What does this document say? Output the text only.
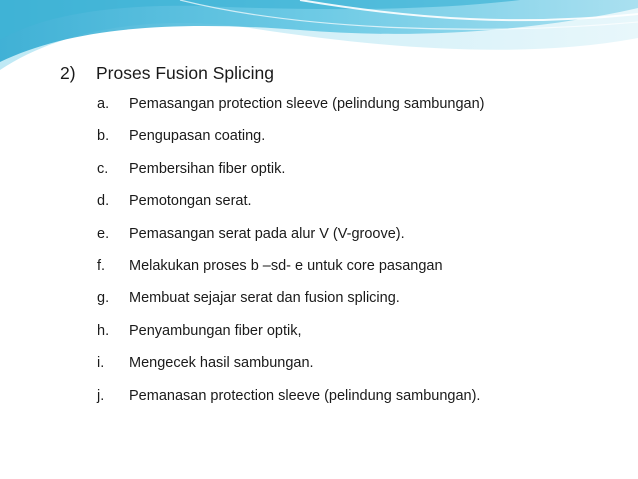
2) Proses Fusion Splicing
a.	Pemasangan protection sleeve (pelindung sambungan)
b.	Pengupasan coating.
c.	Pembersihan fiber optik.
d.	Pemotongan serat.
e.	Pemasangan serat pada alur V (V-groove).
f.	Melakukan proses b –sd- e untuk core pasangan
g.	Membuat sejajar serat dan fusion splicing.
h.	Penyambungan fiber optik,
i.	Mengecek hasil sambungan.
j.	Pemanasan protection sleeve (pelindung sambungan).
